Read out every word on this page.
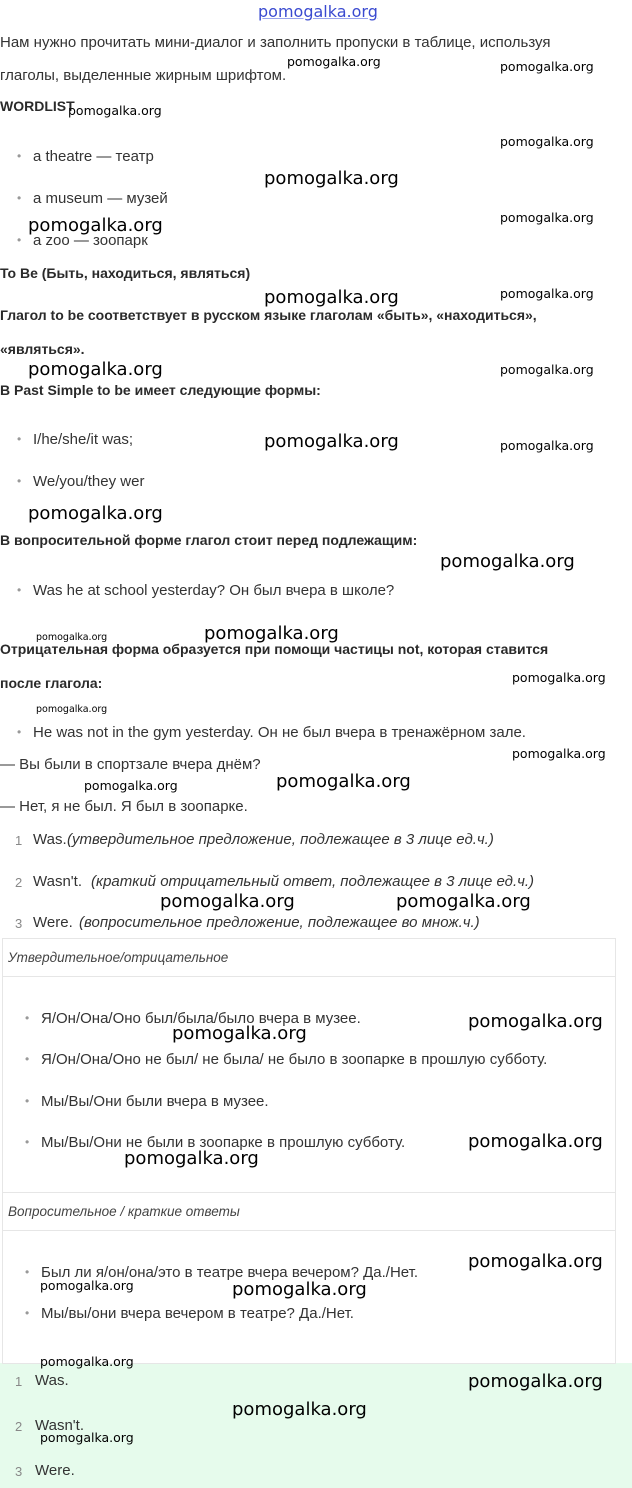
Нам нужно прочитать мини-диалог и заполнить пропуски в таблице, используя
глаголы, выделенные жирным шрифтом.
WORDLIST
• a theatre — театр
• a museum — музей
• a zoo — зоопарк
To Be (Быть, находиться, являться)
Глагол to be соответствует в русском языке глаголам «быть», «находиться»,
«являться».
В Past Simple to be имеет следующие формы:
• I/he/she/it was;
• We/you/they wer
В вопросительной форме глагол стоит перед подлежащим:
• Was he at school yesterday? Он был вчера в школе?
Отрицательная форма образуется при помощи частицы not, которая ставится
после глагола:
• He was not in the gym yesterday. Он не был вчера в тренажёрном зале.
— Вы были в спортзале вчера днём?
— Нет, я не был. Я был в зоопарке.
1 Was. (утвердительное предложение, подлежащее в 3 лице ед.ч.)
2 Wasn't. (краткий отрицательный ответ, подлежащее в 3 лице ед.ч.)
3 Were. (вопросительное предложение, подлежащее во множ.ч.)
Утвердительное/отрицательное
• Я/Он/Она/Оно был/была/было вчера в музее.
• Я/Он/Она/Оно не был/ не была/ не было в зоопарке в прошлую субботу.
• Мы/Вы/Они были вчера в музее.
• Мы/Вы/Они не были в зоопарке в прошлую субботу.
Вопросительное / краткие ответы
• Был ли я/он/она/это в театре вчера вечером? Да./Нет.
• Мы/вы/они вчера вечером в театре? Да./Нет.
1 Was.
2 Wasn't.
3 Were.
pomogalka.org
pomogalka.org	pomogalka.org
pomogalka.org
pomogalka.org
pomogalka.org
pomogalka.org
pomogalka.org
pomogalka.org
pomogalka.org
pomogalka.org	pomogalka.org
pomogalka.org	pomogalka.org
pomogalka.org
pomogalka.org
pomogalka.org	pomogalka.org
pomogalka.org
pomogalka.org
pomogalka.org
pomogalka.org
pomogalka.org
pomogalka.org	pomogalka.org
pomogalka.org
pomogalka.org
pomogalka.org
pomogalka.org
pomogalka.org
pomogalka.org	pomogalka.org
pomogalka.org
pomogalka.org
pomogalka.org
pomogalka.org
